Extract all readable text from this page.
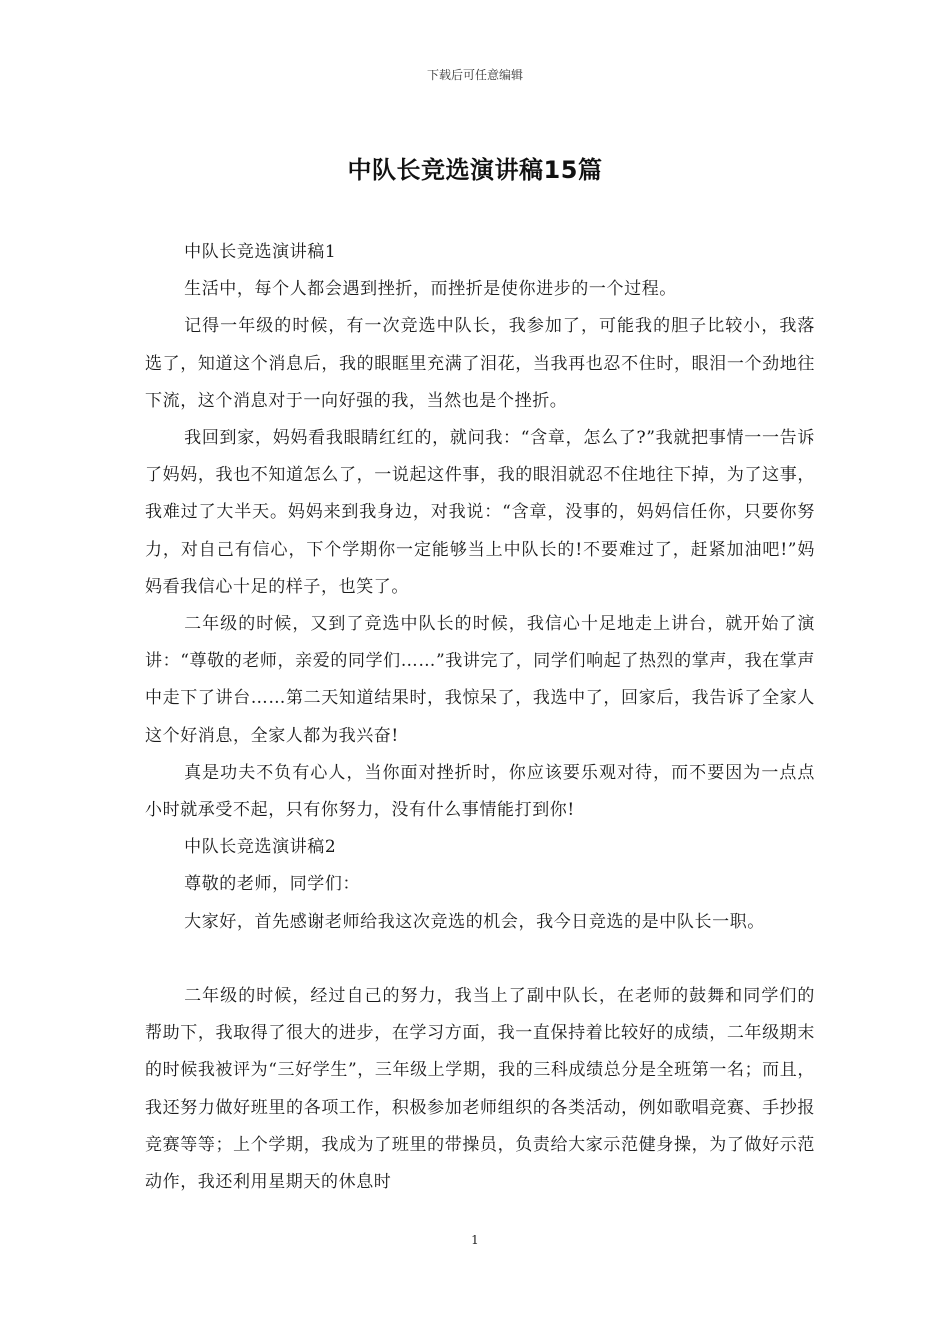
下载后可任意编辑
中队长竞选演讲稿15篇

中队长竞选演讲稿1

生活中，每个人都会遇到挫折，而挫折是使你进步的一个过程。

记得一年级的时候，有一次竞选中队长，我参加了，可能我的胆子比较小，我落选了，知道这个消息后，我的眼眶里充满了泪花，当我再也忍不住时，眼泪一个劲地往下流，这个消息对于一向好强的我，当然也是个挫折。

我回到家，妈妈看我眼睛红红的，就问我：“含章，怎么了?”我就把事情一一告诉了妈妈，我也不知道怎么了，一说起这件事，我的眼泪就忍不住地往下掉，为了这事，我难过了大半天。妈妈来到我身边，对我说：“含章，没事的，妈妈信任你，只要你努力，对自己有信心，下个学期你一定能够当上中队长的!不要难过了，赶紧加油吧!”妈妈看我信心十足的样子，也笑了。

二年级的时候，又到了竞选中队长的时候，我信心十足地走上讲台，就开始了演讲：“尊敬的老师，亲爱的同学们……”我讲完了，同学们响起了热烈的掌声，我在掌声中走下了讲台……第二天知道结果时，我惊呆了，我选中了，回家后，我告诉了全家人这个好消息，全家人都为我兴奋!

真是功夫不负有心人，当你面对挫折时，你应该要乐观对待，而不要因为一点点小时就承受不起，只有你努力，没有什么事情能打到你!

中队长竞选演讲稿2

尊敬的老师，同学们：

大家好，首先感谢老师给我这次竞选的机会，我今日竞选的是中队长一职。

二年级的时候，经过自己的努力，我当上了副中队长，在老师的鼓舞和同学们的帮助下，我取得了很大的进步，在学习方面，我一直保持着比较好的成绩，二年级期末的时候我被评为“三好学生”，三年级上学期，我的三科成绩总分是全班第一名；而且，我还努力做好班里的各项工作，积极参加老师组织的各类活动，例如歌唱竞赛、手抄报竞赛等等；上个学期，我成为了班里的带操员，负责给大家示范健身操，为了做好示范动作，我还利用星期天的休息时

1
